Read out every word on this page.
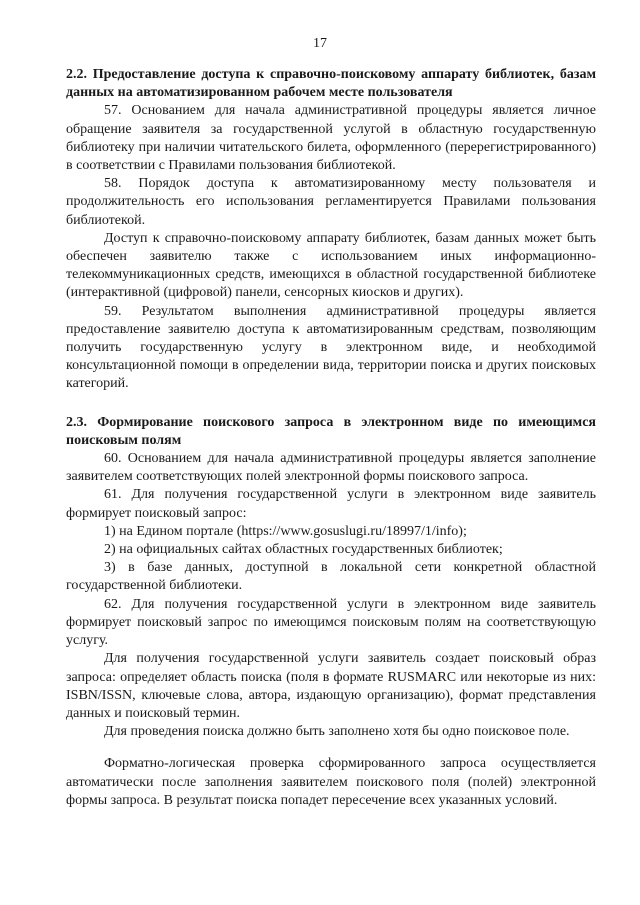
17

2.2. Предоставление доступа к справочно-поисковому аппарату библиотек, базам данных на автоматизированном рабочем месте пользователя

57. Основанием для начала административной процедуры является личное обращение заявителя за государственной услугой в областную государственную библиотеку при наличии читательского билета, оформленного (перерегистрированного) в соответствии с Правилами пользования библиотекой.

58. Порядок доступа к автоматизированному месту пользователя и продолжительность его использования регламентируется Правилами пользования библиотекой.

Доступ к справочно-поисковому аппарату библиотек, базам данных может быть обеспечен заявителю также с использованием иных информационно-телекоммуникационных средств, имеющихся в областной государственной библиотеке (интерактивной (цифровой) панели, сенсорных киосков и других).

59. Результатом выполнения административной процедуры является предоставление заявителю доступа к автоматизированным средствам, позволяющим получить государственную услугу в электронном виде, и необходимой консультационной помощи в определении вида, территории поиска и других поисковых категорий.

2.3. Формирование поискового запроса в электронном виде по имеющимся поисковым полям

60. Основанием для начала административной процедуры является заполнение заявителем соответствующих полей электронной формы поискового запроса.

61. Для получения государственной услуги в электронном виде заявитель формирует поисковый запрос:

1) на Едином портале (https://www.gosuslugi.ru/18997/1/info);

2) на официальных сайтах областных государственных библиотек;

3) в базе данных, доступной в локальной сети конкретной областной государственной библиотеки.

62. Для получения государственной услуги в электронном виде заявитель формирует поисковый запрос по имеющимся поисковым полям на соответствующую услугу.

Для получения государственной услуги заявитель создает поисковый образ запроса: определяет область поиска (поля в формате RUSMARC или некоторые из них: ISBN/ISSN, ключевые слова, автора, издающую организацию), формат представления данных и поисковый термин.

Для проведения поиска должно быть заполнено хотя бы одно поисковое поле.

Форматно-логическая проверка сформированного запроса осуществляется автоматически после заполнения заявителем поискового поля (полей) электронной формы запроса. В результат поиска попадет пересечение всех указанных условий.
